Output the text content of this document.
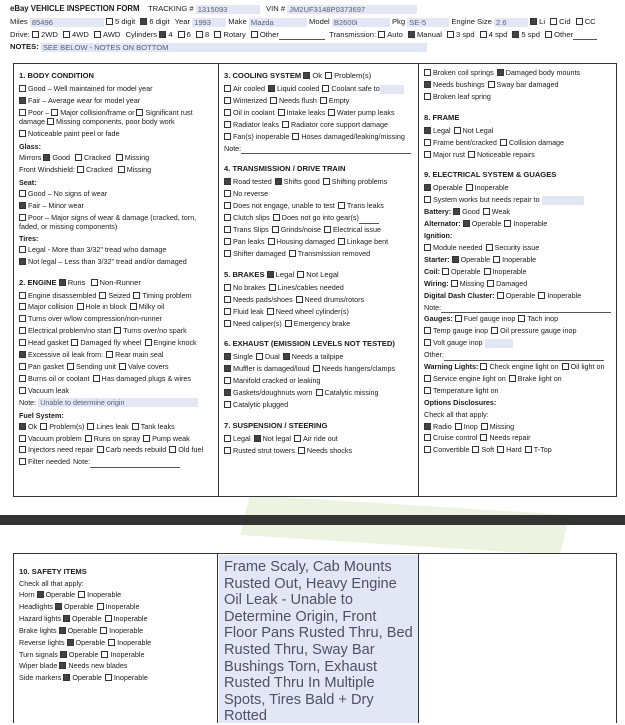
eBay VEHICLE INSPECTION FORM TRACKING # 1315093	VIN # JM2UF3148P0373697
Miles 85496	5 digit 6 digit Year 1993 Make Mazda	Model B2600i	Pkg SE-5	Engine Size 2.6	Li Cid CC
Drive: 2WD 4WD AWD Cylinders 4 6 8 Rotary Other	Transmission: Auto Manual 3 spd 4 spd 5 spd Other
NOTES: SEE BELOW - NOTES ON BOTTOM
1. BODY CONDITION
Good – Well maintained for model year
Fair – Average wear for model year
Poor – Major collision/frame or Significant rust damage Missing components, poor body work
Noticeable paint peel or fade
Glass:
Mirrors Good Cracked Missing
Front Windshield: Cracked Missing
Seat:
Good – No signs of wear
Fair – Minor wear
Poor – Major signs of wear & damage (cracked, torn, faded, or missing components)
Tires:
Legal - More than 3/32" tread w/no damage
Not legal – Less than 3/32" tread and/or damaged
2. ENGINE Runs Non-Runner
Engine disassembled Seized Timing problem
Major collision Hole in block Milky oil
Turns over w/low compression/non-runner
Electrical problem/no start Turns over/no spark
Head gasket Damaged fly wheel Engine knock
Excessive oil leak from: Rear main seal
Pan gasket Sending unit Valve covers
Burns oil or coolant Has damaged plugs & wires
Vacuum leak
Note: Unable to determine origin
Fuel System:
Ok Problem(s) Lines leak Tank leaks
Vacuum problem Runs on spray Pump weak
Injectors need repair Carb needs rebuild Old fuel
Filter needed Note:
3. COOLING SYSTEM Ok Problem(s)
Air cooled Liquid cooled Coolant safe to
Winterized Needs flush Empty
Oil in coolant Intake leaks Water pump leaks
Radiator leaks Radiator core support damage
Fan(s) inoperable Hoses damaged/leaking/missing
Note:
4. TRANSMISSION / DRIVE TRAIN
Road tested Shifts good Shifting problems
No reverse
Does not engage, unable to test Trans leaks
Clutch slips Does not go into gear(s)
Trans Slips Grinds/noise Electrical issue
Pan leaks Housing damaged Linkage bent
Shifter damaged Transmission removed
5. BRAKES Legal Not Legal
No brakes Lines/cables needed
Needs pads/shoes Need drums/rotors
Fluid leak Need wheel cylinder(s)
Need caliper(s) Emergency brake
6. EXHAUST (EMISSION LEVELS NOT TESTED)
Single Dual Needs a tailpipe
Muffler is damaged/loud Needs hangers/clamps
Manifold cracked or leaking
Gaskets/doughnuts worn Catalytic missing
Catalytic plugged
7. SUSPENSION / STEERING
Legal Not legal Air ride out
Rusted strut towers Needs shocks
Broken coil springs Damaged body mounts
Needs bushings Sway bar damaged
Broken leaf spring
8. FRAME
Legal Not Legal
Frame bent/cracked Collision damage
Major rust Noticeable repairs
9. ELECTRICAL SYSTEM & GUAGES
Operable Inoperable
System works but needs repair to
Battery: Good Weak
Alternator: Operable Inoperable
Ignition:
Module needed Security issue
Starter: Operable Inoperable
Coil: Operable Inoperable
Wiring: Missing Damaged
Digital Dash Cluster: Operable Inoperable
Note:
Gauges: Fuel gauge inop Tach inop
Temp gauge inop Oil pressure gauge inop
Volt gauge inop
Other:
Warning Lights: Check engine light on Oil light on
Service engine light on Brake light on
Temperature light on
Options Disclosures:
Check all that apply:
Radio Inop Missing
Cruise control Needs repair
Convertible Soft Hard T-Top
10. SAFETY ITEMS
Check all that apply:
Horn Operable Inoperable
Headlights Operable Inoperable
Hazard lights Operable Inoperable
Brake lights Operable Inoperable
Reverse lights Operable Inoperable
Turn signals Operable Inoperable
Wiper blade Needs new blades
Side markers Operable Inoperable
Frame Scaly, Cab Mounts Rusted Out, Heavy Engine Oil Leak - Unable to Determine Origin, Front Floor Pans Rusted Thru, Bed Rusted Thru, Sway Bar Bushings Torn, Exhaust Rusted Thru In Multiple Spots, Tires Bald + Dry Rotted
